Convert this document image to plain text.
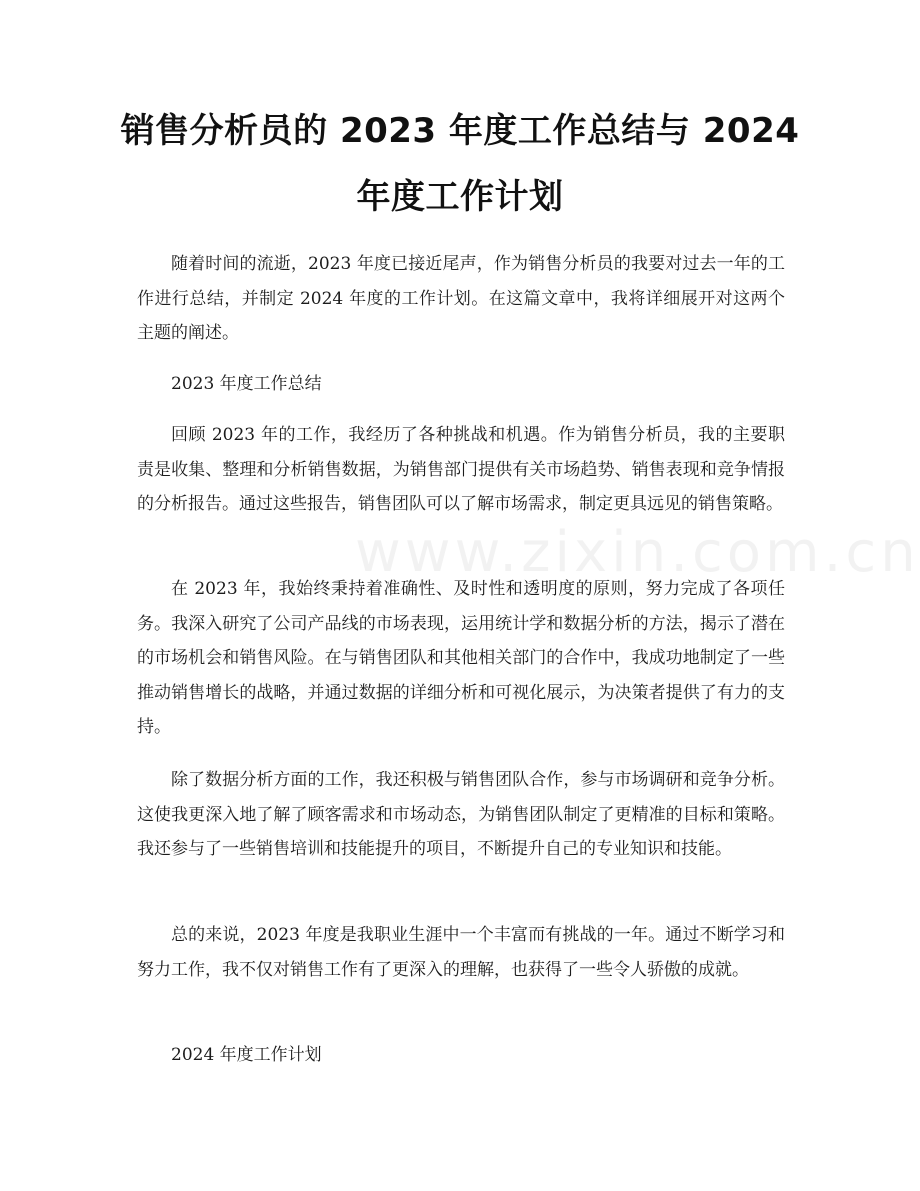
www.zixin.com.cn
销售分析员的 2023 年度工作总结与 2024 年度工作计划

随着时间的流逝，2023 年度已接近尾声，作为销售分析员的我要对过去一年的工作进行总结，并制定 2024 年度的工作计划。在这篇文章中，我将详细展开对这两个主题的阐述。

2023 年度工作总结

回顾 2023 年的工作，我经历了各种挑战和机遇。作为销售分析员，我的主要职责是收集、整理和分析销售数据，为销售部门提供有关市场趋势、销售表现和竞争情报的分析报告。通过这些报告，销售团队可以了解市场需求，制定更具远见的销售策略。

在 2023 年，我始终秉持着准确性、及时性和透明度的原则，努力完成了各项任务。我深入研究了公司产品线的市场表现，运用统计学和数据分析的方法，揭示了潜在的市场机会和销售风险。在与销售团队和其他相关部门的合作中，我成功地制定了一些推动销售增长的战略，并通过数据的详细分析和可视化展示，为决策者提供了有力的支持。

除了数据分析方面的工作，我还积极与销售团队合作，参与市场调研和竞争分析。这使我更深入地了解了顾客需求和市场动态，为销售团队制定了更精准的目标和策略。我还参与了一些销售培训和技能提升的项目，不断提升自己的专业知识和技能。

总的来说，2023 年度是我职业生涯中一个丰富而有挑战的一年。通过不断学习和努力工作，我不仅对销售工作有了更深入的理解，也获得了一些令人骄傲的成就。

2024 年度工作计划
